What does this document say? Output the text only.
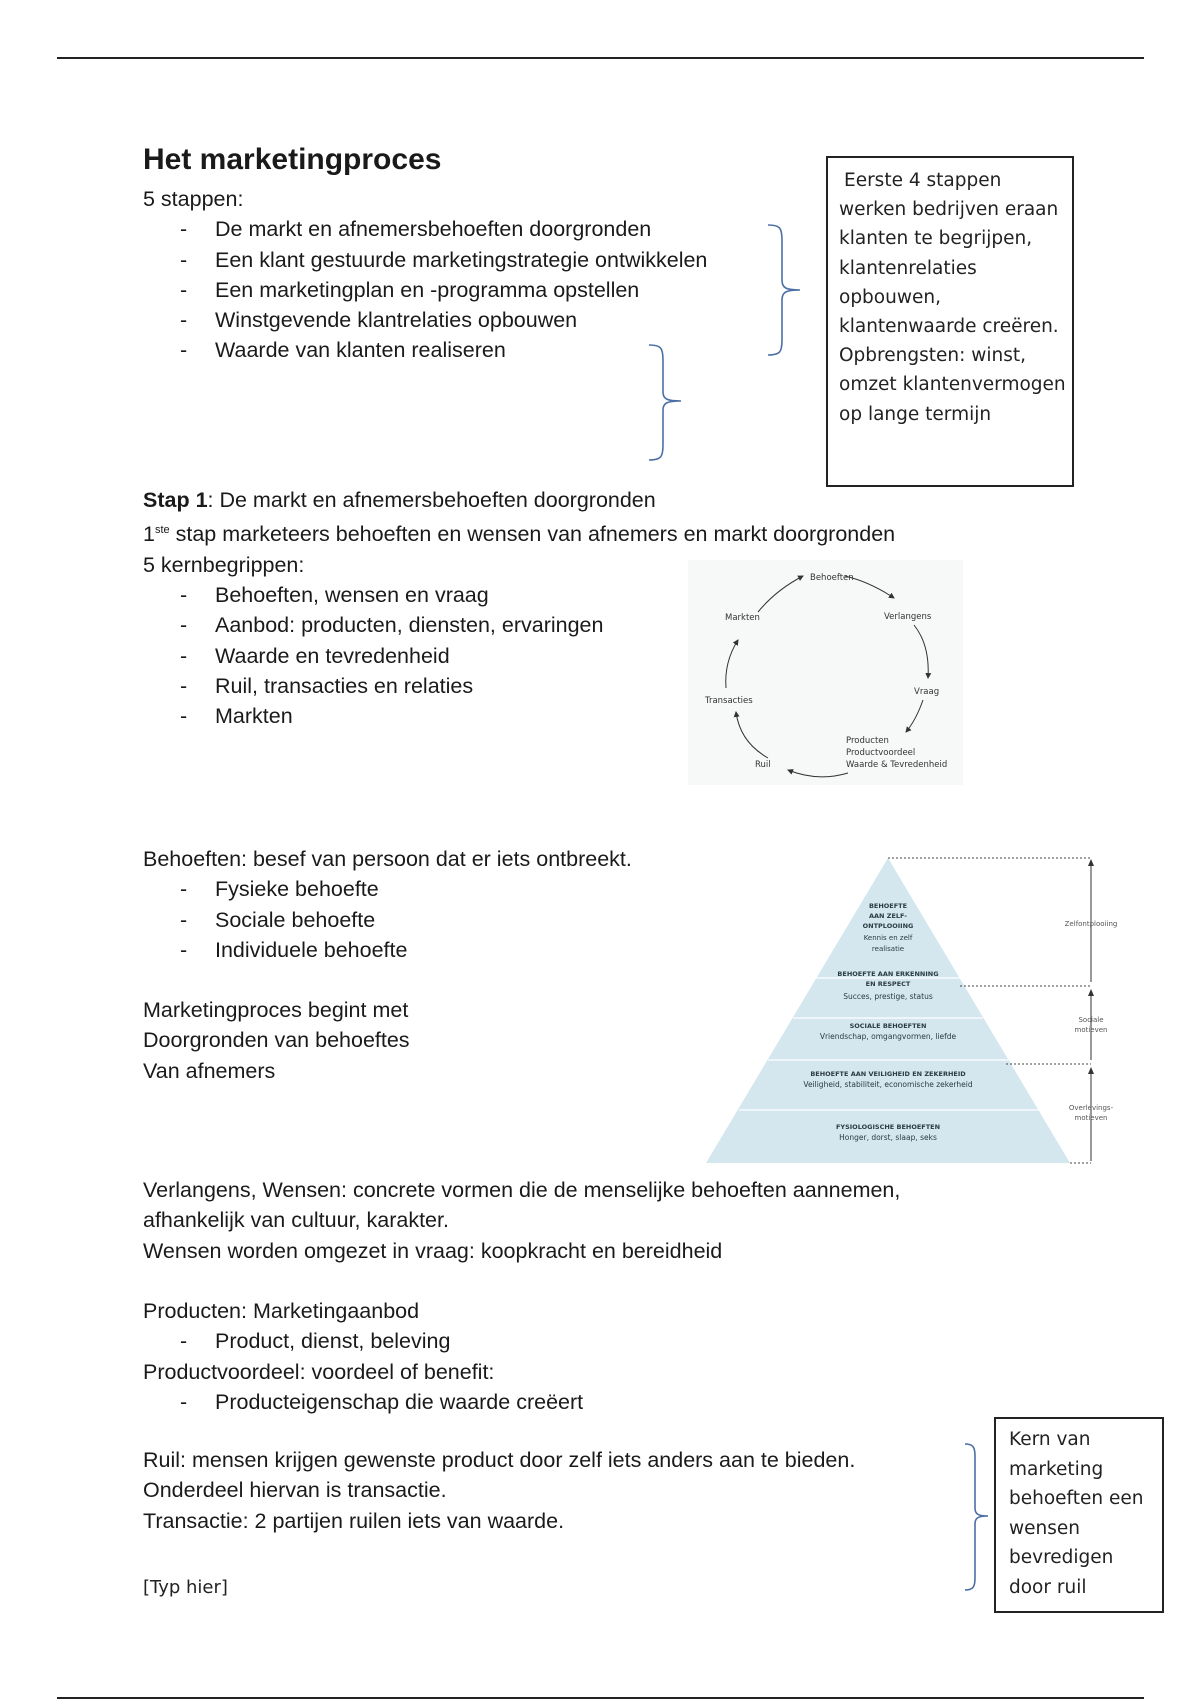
Het marketingproces
5 stappen:
- De markt en afnemersbehoeften doorgronden
- Een klant gestuurde marketingstrategie ontwikkelen
- Een marketingplan en -programma opstellen
- Winstgevende klantrelaties opbouwen
- Waarde van klanten realiseren

Eerste 4 stappen

werken bedrijven eraan

klanten te begrijpen,

klantenrelaties

opbouwen,

klantenwaarde creëren.

Opbrengsten: winst,

omzet klantenvermogen

op lange termijn

Stap 1: De markt en afnemersbehoeften doorgronden
1ste stap marketeers behoeften en wensen van afnemers en markt doorgronden
5 kernbegrippen:
- Behoeften, wensen en vraag
- Aanbod: producten, diensten, ervaringen
- Waarde en tevredenheid
- Ruil, transacties en relaties
- Markten
Behoeften
Verlangens
Vraag
Producten
Productvoordeel
Waarde & Tevredenheid
Ruil
Transacties
Markten
Behoeften: besef van persoon dat er iets ontbreekt.
- Fysieke behoefte
- Sociale behoefte
- Individuele behoefte
Marketingproces begint met
Doorgronden van behoeftes
Van afnemers
BEHOEFTE
AAN ZELF-
ONTPLOOIING
Kennis en zelf
realisatie
BEHOEFTE AAN ERKENNING
EN RESPECT
Succes, prestige, status
SOCIALE BEHOEFTEN
Vriendschap, omgangvormen, liefde
BEHOEFTE AAN VEILIGHEID EN ZEKERHEID
Veiligheid, stabiliteit, economische zekerheid
FYSIOLOGISCHE BEHOEFTEN
Honger, dorst, slaap, seks
Zelfontplooiing
Sociale
motieven
Overlevings-
motieven
Verlangens, Wensen: concrete vormen die de menselijke behoeften aannemen,
afhankelijk van cultuur, karakter.
Wensen worden omgezet in vraag: koopkracht en bereidheid
Producten: Marketingaanbod
- Product, dienst, beleving
Productvoordeel: voordeel of benefit:
- Producteigenschap die waarde creëert
Ruil: mensen krijgen gewenste product door zelf iets anders aan te bieden.
Onderdeel hiervan is transactie.
Transactie: 2 partijen ruilen iets van waarde.

Kern van

marketing

behoeften een

wensen

bevredigen

door ruil

[Typ hier]
